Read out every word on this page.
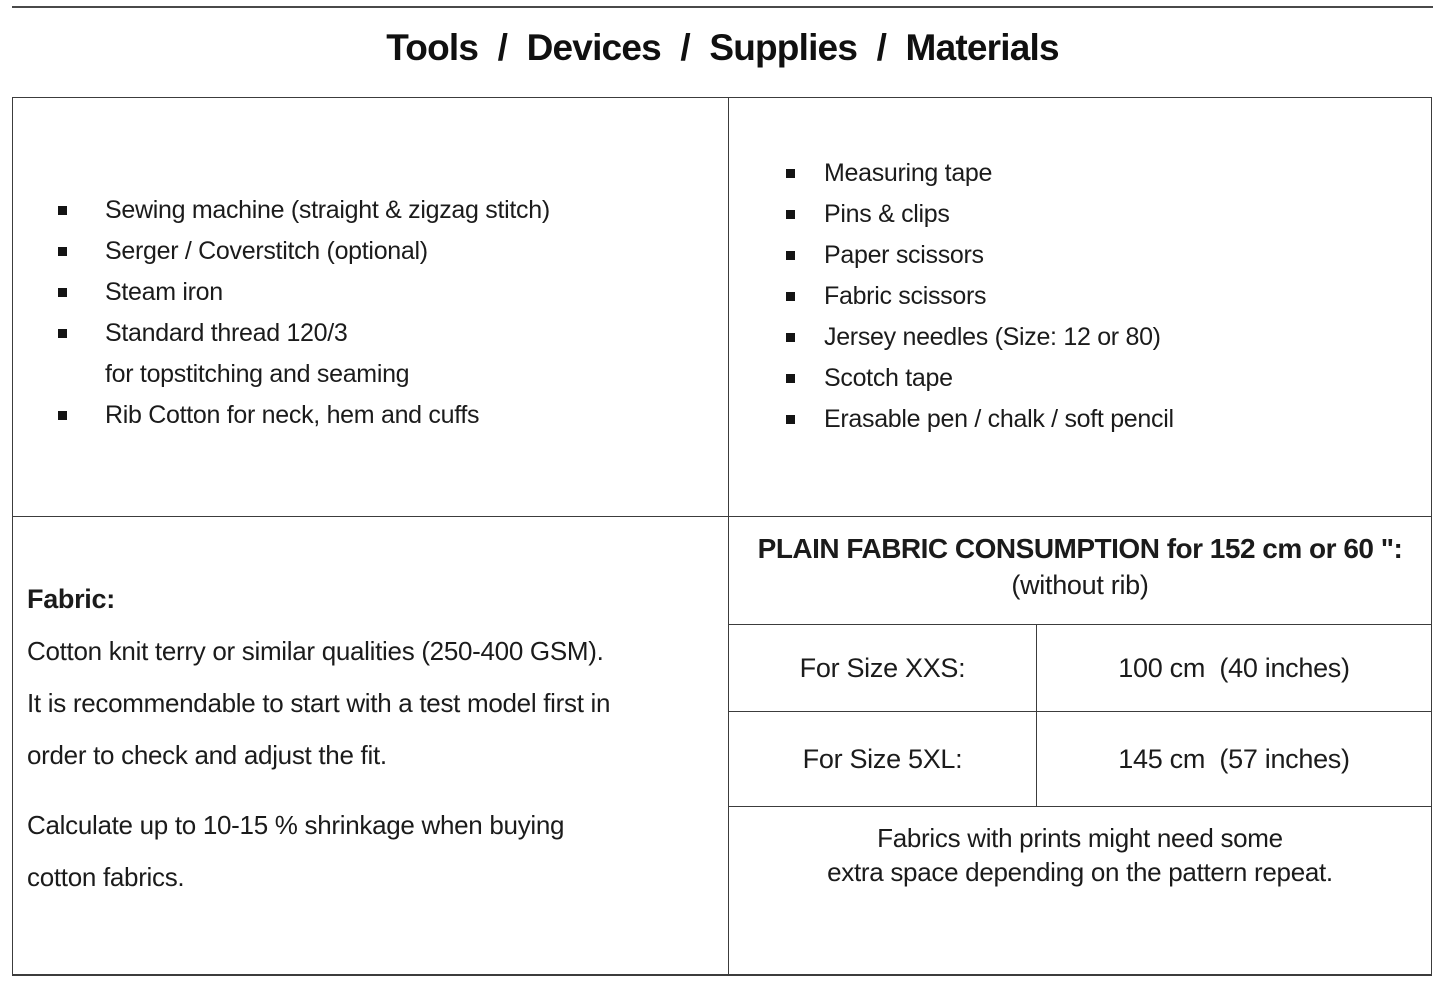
Tools / Devices / Supplies / Materials
Sewing machine (straight & zigzag stitch)
Serger / Coverstitch (optional)
Steam iron
Standard thread 120/3
for topstitching and seaming
Rib Cotton for neck, hem and cuffs
Measuring tape
Pins & clips
Paper scissors
Fabric scissors
Jersey needles (Size: 12 or 80)
Scotch tape
Erasable pen / chalk / soft pencil
Fabric:
Cotton knit terry or similar qualities (250-400 GSM).
It is recommendable to start with a test model first in
order to check and adjust the fit.
Calculate up to 10-15 % shrinkage when buying
cotton fabrics.
PLAIN FABRIC CONSUMPTION for 152 cm or 60 ":
(without rib)
For Size XXS:	100 cm  (40 inches)
For Size 5XL:	145 cm  (57 inches)
Fabrics with prints might need some
extra space depending on the pattern repeat.
